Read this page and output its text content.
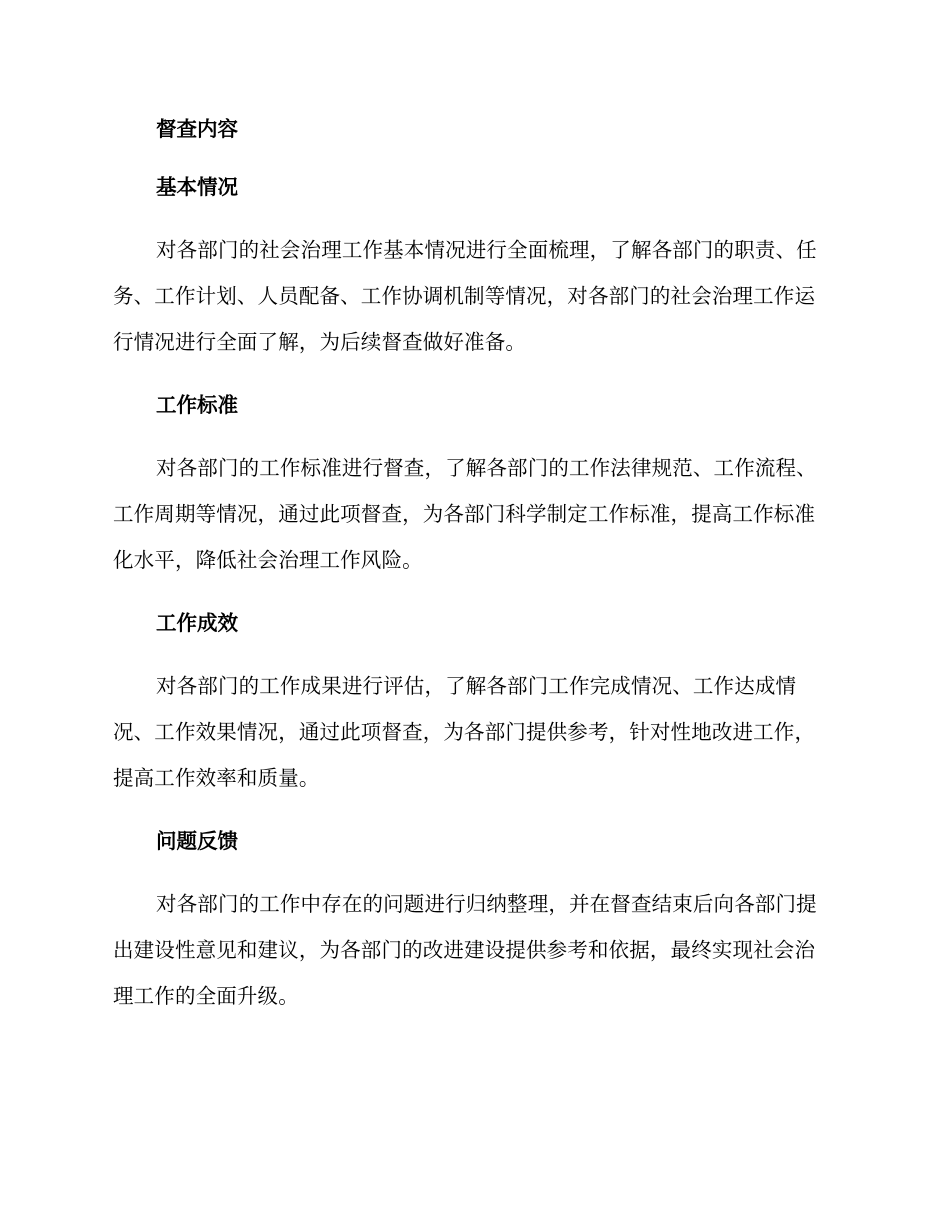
督查内容
基本情况

对各部门的社会治理工作基本情况进行全面梳理，了解各部门的职责、任务、工作计划、人员配备、工作协调机制等情况，对各部门的社会治理工作运行情况进行全面了解，为后续督查做好准备。

工作标准

对各部门的工作标准进行督查，了解各部门的工作法律规范、工作流程、工作周期等情况，通过此项督查，为各部门科学制定工作标准，提高工作标准化水平，降低社会治理工作风险。

工作成效

对各部门的工作成果进行评估，了解各部门工作完成情况、工作达成情况、工作效果情况，通过此项督查，为各部门提供参考，针对性地改进工作，提高工作效率和质量。

问题反馈

对各部门的工作中存在的问题进行归纳整理，并在督查结束后向各部门提出建设性意见和建议，为各部门的改进建设提供参考和依据，最终实现社会治理工作的全面升级。
